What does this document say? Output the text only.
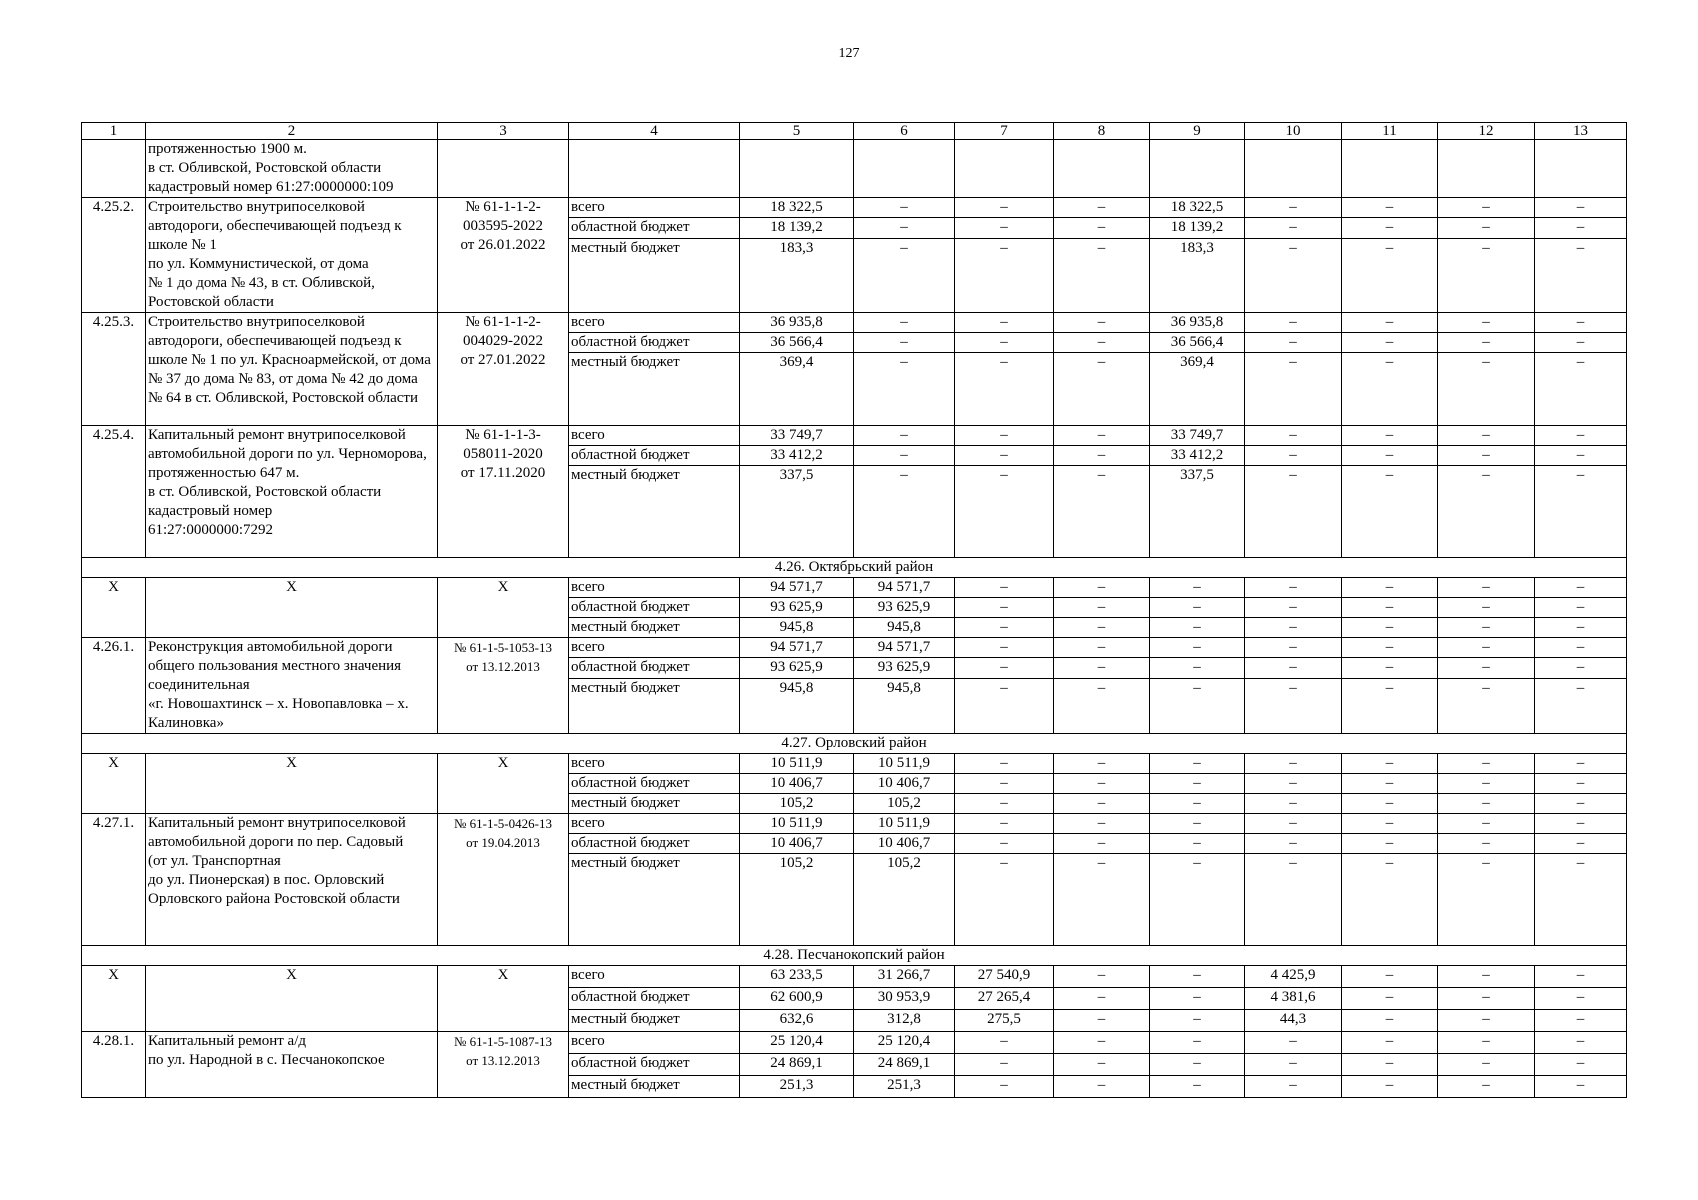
127
1	2	3	4	5	6	7	8	9	10	11	12	13
	протяженностью 1900 м.
в ст. Обливской, Ростовской области
кадастровый номер 61:27:0000000:109											
4.25.2.	Строительство внутрипоселковой автодороги, обеспечивающей подъезд к школе № 1
по ул. Коммунистической, от дома
№ 1 до дома № 43, в ст. Обливской, Ростовской области	№ 61-1-1-2-
003595-2022
от 26.01.2022	всего	18 322,5	–	–	–	18 322,5	–	–	–	–
			областной бюджет	18 139,2	–	–	–	18 139,2	–	–	–	–
			местный бюджет	183,3	–	–	–	183,3	–	–	–	–
4.25.3.	Строительство внутрипоселковой автодороги, обеспечивающей подъезд к школе № 1 по ул. Красноармейской, от дома № 37 до дома № 83, от дома № 42 до дома № 64 в ст. Обливской, Ростовской области	№ 61-1-1-2-
004029-2022
от 27.01.2022	всего	36 935,8	–	–	–	36 935,8	–	–	–	–
			областной бюджет	36 566,4	–	–	–	36 566,4	–	–	–	–
			местный бюджет	369,4	–	–	–	369,4	–	–	–	–
4.25.4.	Капитальный ремонт внутрипоселковой автомобильной дороги по ул. Черноморова, протяженностью 647 м.
в ст. Обливской, Ростовской области кадастровый номер
61:27:0000000:7292	№ 61-1-1-3-
058011-2020
от 17.11.2020	всего	33 749,7	–	–	–	33 749,7	–	–	–	–
			областной бюджет	33 412,2	–	–	–	33 412,2	–	–	–	–
			местный бюджет	337,5	–	–	–	337,5	–	–	–	–
4.26. Октябрьский район												
Х	Х	Х	всего	94 571,7	94 571,7	–	–	–	–	–	–	–
			областной бюджет	93 625,9	93 625,9	–	–	–	–	–	–	–
			местный бюджет	945,8	945,8	–	–	–	–	–	–	–
4.26.1.	Реконструкция автомобильной дороги общего пользования местного значения соединительная
«г. Новошахтинск – х. Новопавловка – х. Калиновка»	№ 61-1-5-1053-13
от 13.12.2013	всего	94 571,7	94 571,7	–	–	–	–	–	–	–
			областной бюджет	93 625,9	93 625,9	–	–	–	–	–	–	–
			местный бюджет	945,8	945,8	–	–	–	–	–	–	–
4.27. Орловский район												
Х	Х	Х	всего	10 511,9	10 511,9	–	–	–	–	–	–	–
			областной бюджет	10 406,7	10 406,7	–	–	–	–	–	–	–
			местный бюджет	105,2	105,2	–	–	–	–	–	–	–
4.27.1.	Капитальный ремонт внутрипоселковой автомобильной дороги по пер. Садовый
(от ул. Транспортная
до ул. Пионерская) в пос. Орловский Орловского района Ростовской области	№ 61-1-5-0426-13
от 19.04.2013	всего	10 511,9	10 511,9	–	–	–	–	–	–	–
			областной бюджет	10 406,7	10 406,7	–	–	–	–	–	–	–
			местный бюджет	105,2	105,2	–	–	–	–	–	–	–
4.28. Песчанокопский район												
Х	Х	Х	всего	63 233,5	31 266,7	27 540,9	–	–	4 425,9	–	–	–
			областной бюджет	62 600,9	30 953,9	27 265,4	–	–	4 381,6	–	–	–
			местный бюджет	632,6	312,8	275,5	–	–	44,3	–	–	–
4.28.1.	Капитальный ремонт а/д
по ул. Народной в с. Песчанокопское	№ 61-1-5-1087-13
от 13.12.2013	всего	25 120,4	25 120,4	–	–	–	–	–	–	–
			областной бюджет	24 869,1	24 869,1	–	–	–	–	–	–	–
			местный бюджет	251,3	251,3	–	–	–	–	–	–	–
